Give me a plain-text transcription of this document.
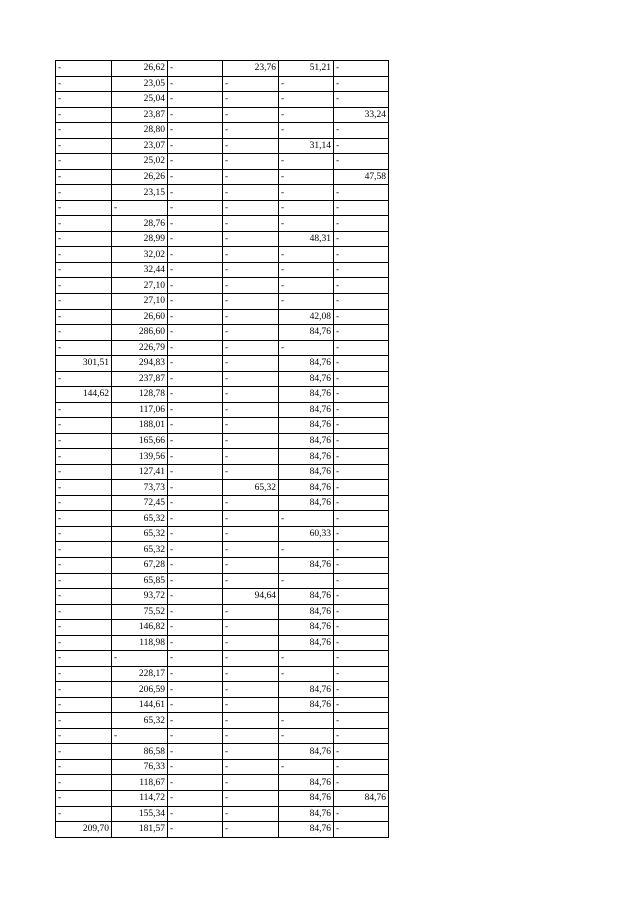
-	26,62	-	23,76	51,21	-
-	23,05	-	-	-	-
-	25,04	-	-	-	-
-	23,87	-	-	-	33,24
-	28,80	-	-	-	-
-	23,07	-	-	31,14	-
-	25,02	-	-	-	-
-	26,26	-	-	-	47,58
-	23,15	-	-	-	-
-	-	-	-	-	-
-	28,76	-	-	-	-
-	28,99	-	-	48,31	-
-	32,02	-	-	-	-
-	32,44	-	-	-	-
-	27,10	-	-	-	-
-	27,10	-	-	-	-
-	26,60	-	-	42,08	-
-	286,60	-	-	84,76	-
-	226,79	-	-	-	-
301,51	294,83	-	-	84,76	-
-	237,87	-	-	84,76	-
144,62	128,78	-	-	84,76	-
-	117,06	-	-	84,76	-
-	188,01	-	-	84,76	-
-	165,66	-	-	84,76	-
-	139,56	-	-	84,76	-
-	127,41	-	-	84,76	-
-	73,73	-	65,32	84,76	-
-	72,45	-	-	84,76	-
-	65,32	-	-	-	-
-	65,32	-	-	60,33	-
-	65,32	-	-	-	-
-	67,28	-	-	84,76	-
-	65,85	-	-	-	-
-	93,72	-	94,64	84,76	-
-	75,52	-	-	84,76	-
-	146,82	-	-	84,76	-
-	118,98	-	-	84,76	-
-	-	-	-	-	-
-	228,17	-	-	-	-
-	206,59	-	-	84,76	-
-	144,61	-	-	84,76	-
-	65,32	-	-	-	-
-	-	-	-	-	-
-	86,58	-	-	84,76	-
-	76,33	-	-	-	-
-	118,67	-	-	84,76	-
-	114,72	-	-	84,76	84,76
-	155,34	-	-	84,76	-
209,70	181,57	-	-	84,76	-
